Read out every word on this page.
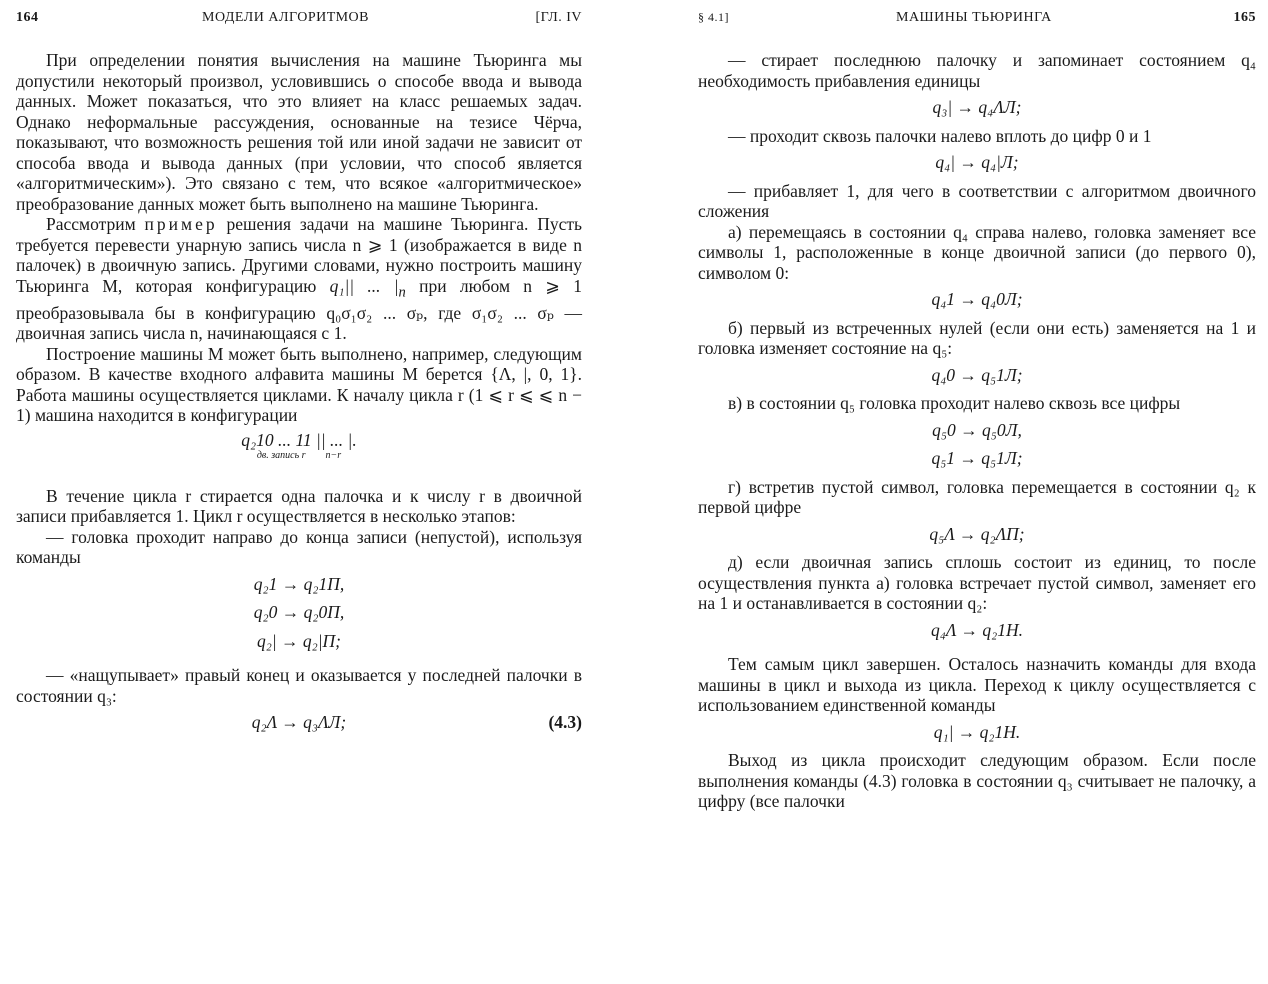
164	МОДЕЛИ АЛГОРИТМОВ	[ГЛ. IV

При определении понятия вычисления на машине Тьюринга мы допустили некоторый произвол, условившись о способе ввода и вывода данных. Может показаться, что это влияет на класс решаемых задач. Однако неформальные рассуждения, основанные на тезисе Чёрча, показывают, что возможность решения той или иной задачи не зависит от способа ввода и вывода данных (при условии, что способ является «алгоритмическим»). Это связано с тем, что всякое «алгоритмическое» преобразование данных может быть выполнено на машине Тьюринга.

Рассмотрим пример решения задачи на машине Тьюринга. Пусть требуется перевести унарную запись числа n ⩾ 1 (изображается в виде n палочек) в двоичную запись. Другими словами, нужно построить машину Тьюринга M, которая конфигурацию q₁|| ... $|_n$ при любом n ⩾ 1 преобразовывала бы в конфигурацию q₀σ₁σ₂ ... σₚ, где σ₁σ₂ ... σₚ — двоичная запись числа n, начинающаяся с 1.

Построение машины M может быть выполнено, например, следующим образом. В качестве входного алфавита машины M берется {Λ, |, 0, 1}. Работа машины осуществляется циклами. К началу цикла r (1 ⩽ r ⩽ ⩽ n − 1) машина находится в конфигурации

q₂10 ... 11 || ... |.
дв. запись r n−r

В течение цикла r стирается одна палочка и к числу r в двоичной записи прибавляется 1. Цикл r осуществляется в несколько этапов:

— головка проходит направо до конца записи (непустой), используя команды

q₂1 → q₂1П,
q₂0 → q₂0П,
q₂| → q₂|П;

— «нащупывает» правый конец и оказывается у последней палочки в состоянии q₃:

q₂Λ → q₃ΛЛ;	(4.3)
§ 4.1]	МАШИНЫ ТЬЮРИНГА	165

— стирает последнюю палочку и запоминает состоянием q₄ необходимость прибавления единицы

q₃| → q₄ΛЛ;

— проходит сквозь палочки налево вплоть до цифр 0 и 1

q₄| → q₄|Л;

— прибавляет 1, для чего в соответствии с алгоритмом двоичного сложения

а) перемещаясь в состоянии q₄ справа налево, головка заменяет все символы 1, расположенные в конце двоичной записи (до первого 0), символом 0:

q₄1 → q₄0Л;

б) первый из встреченных нулей (если они есть) заменяется на 1 и головка изменяет состояние на q₅:

q₄0 → q₅1Л;

в) в состоянии q₅ головка проходит налево сквозь все цифры

q₅0 → q₅0Л,
q₅1 → q₅1Л;

г) встретив пустой символ, головка перемещается в состоянии q₂ к первой цифре

q₅Λ → q₂ΛП;

д) если двоичная запись сплошь состоит из единиц, то после осуществления пункта а) головка встречает пустой символ, заменяет его на 1 и останавливается в состоянии q₂:

q₄Λ → q₂1Н.

Тем самым цикл завершен. Осталось назначить команды для входа машины в цикл и выхода из цикла. Переход к циклу осуществляется с использованием единственной команды

q₁| → q₂1Н.

Выход из цикла происходит следующим образом. Если после выполнения команды (4.3) головка в состоянии q₃ считывает не палочку, а цифру (все палочки
